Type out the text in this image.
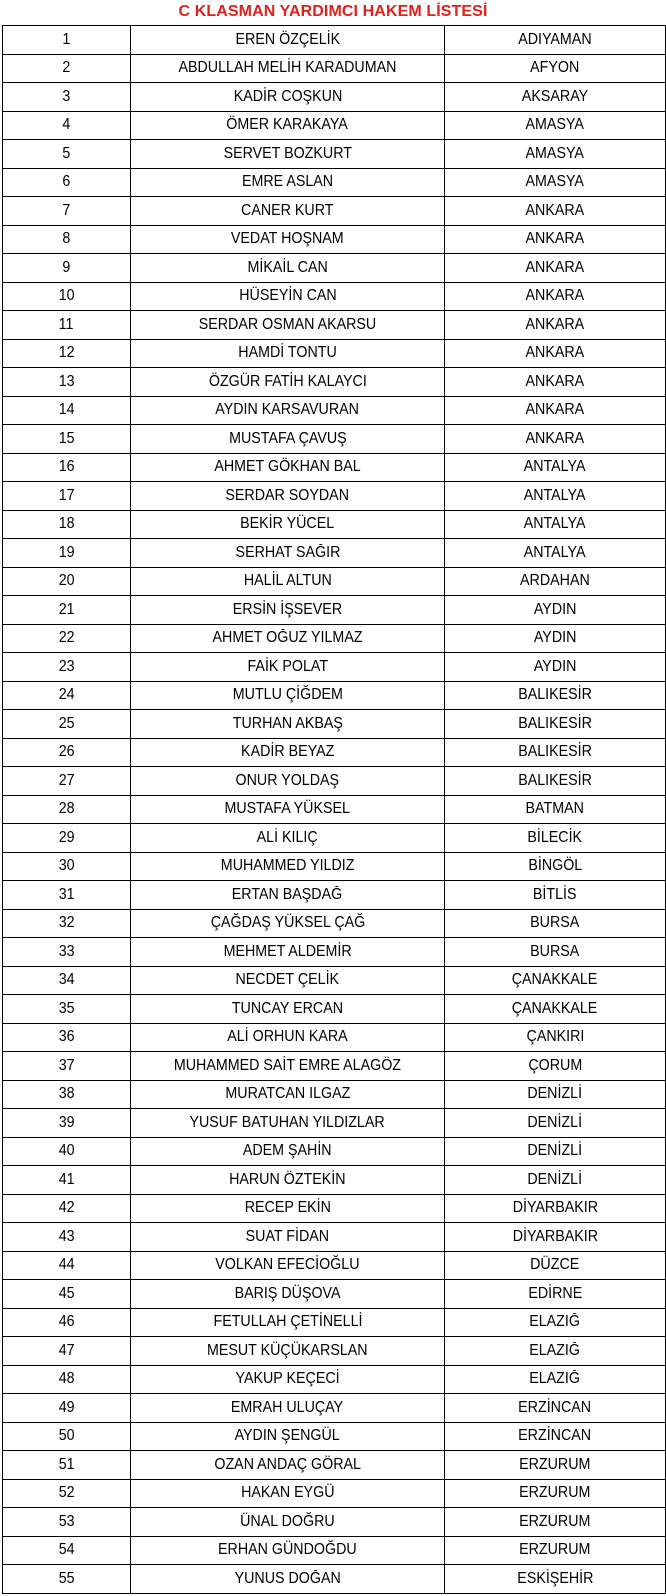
C KLASMAN YARDIMCI HAKEM LİSTESİ
1	EREN ÖZÇELİK	ADIYAMAN
2	ABDULLAH MELİH KARADUMAN	AFYON
3	KADİR COŞKUN	AKSARAY
4	ÖMER KARAKAYA	AMASYA
5	SERVET BOZKURT	AMASYA
6	EMRE ASLAN	AMASYA
7	CANER KURT	ANKARA
8	VEDAT HOŞNAM	ANKARA
9	MİKAİL CAN	ANKARA
10	HÜSEYİN CAN	ANKARA
11	SERDAR OSMAN AKARSU	ANKARA
12	HAMDİ TONTU	ANKARA
13	ÖZGÜR FATİH KALAYCI	ANKARA
14	AYDIN KARSAVURAN	ANKARA
15	MUSTAFA ÇAVUŞ	ANKARA
16	AHMET GÖKHAN BAL	ANTALYA
17	SERDAR SOYDAN	ANTALYA
18	BEKİR YÜCEL	ANTALYA
19	SERHAT SAĞIR	ANTALYA
20	HALİL ALTUN	ARDAHAN
21	ERSİN İŞSEVER	AYDIN
22	AHMET OĞUZ YILMAZ	AYDIN
23	FAİK POLAT	AYDIN
24	MUTLU ÇİĞDEM	BALIKESİR
25	TURHAN AKBAŞ	BALIKESİR
26	KADİR BEYAZ	BALIKESİR
27	ONUR YOLDAŞ	BALIKESİR
28	MUSTAFA YÜKSEL	BATMAN
29	ALİ KILIÇ	BİLECİK
30	MUHAMMED YILDIZ	BİNGÖL
31	ERTAN BAŞDAĞ	BİTLİS
32	ÇAĞDAŞ YÜKSEL ÇAĞ	BURSA
33	MEHMET ALDEMİR	BURSA
34	NECDET ÇELİK	ÇANAKKALE
35	TUNCAY ERCAN	ÇANAKKALE
36	ALİ ORHUN KARA	ÇANKIRI
37	MUHAMMED SAİT EMRE ALAGÖZ	ÇORUM
38	MURATCAN ILGAZ	DENİZLİ
39	YUSUF BATUHAN YILDIZLAR	DENİZLİ
40	ADEM ŞAHİN	DENİZLİ
41	HARUN ÖZTEKİN	DENİZLİ
42	RECEP EKİN	DİYARBAKIR
43	SUAT FİDAN	DİYARBAKIR
44	VOLKAN EFECİOĞLU	DÜZCE
45	BARIŞ DÜŞOVA	EDİRNE
46	FETULLAH ÇETİNELLİ	ELAZIĞ
47	MESUT KÜÇÜKARSLAN	ELAZIĞ
48	YAKUP KEÇECİ	ELAZIĞ
49	EMRAH ULUÇAY	ERZİNCAN
50	AYDIN ŞENGÜL	ERZİNCAN
51	OZAN ANDAÇ GÖRAL	ERZURUM
52	HAKAN EYGÜ	ERZURUM
53	ÜNAL DOĞRU	ERZURUM
54	ERHAN GÜNDOĞDU	ERZURUM
55	YUNUS DOĞAN	ESKİŞEHİR
